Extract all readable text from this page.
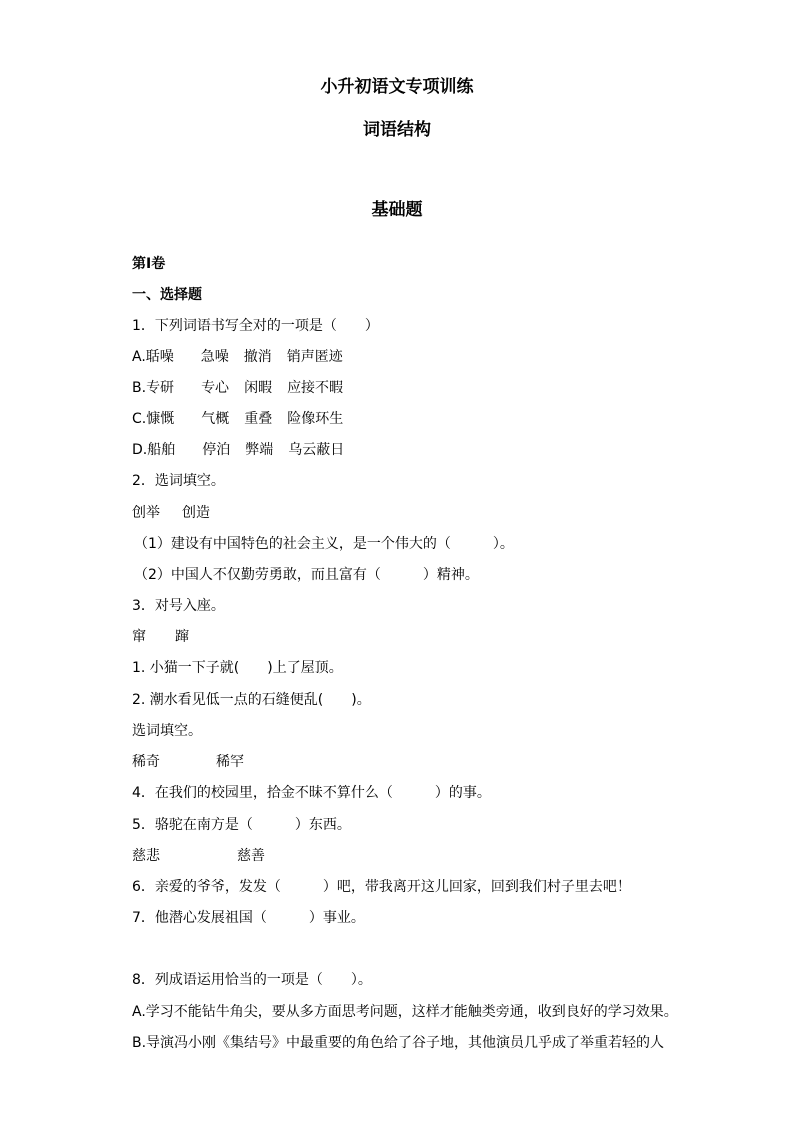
小升初语文专项训练
词语结构
基础题
第I卷
一、选择题
1．下列词语书写全对的一项是（　　）
A.聒噪 急噪 撤消 销声匿迹
B.专研 专心 闲暇 应接不暇
C.慷慨 气概 重叠 险像环生
D.船舶 停泊 弊端 乌云蔽日
2．选词填空。
创举 创造
（1）建设有中国特色的社会主义，是一个伟大的（　　　）。
（2）中国人不仅勤劳勇敢，而且富有（　　　）精神。
3．对号入座。
窜 蹿
1. 小猫一下子就(　　)上了屋顶。
2. 潮水看见低一点的石缝便乱(　　)。
选词填空。
稀奇	稀罕
4．在我们的校园里，拾金不昧不算什么（　　　）的事。
5．骆驼在南方是（　　　）东西。
慈悲	慈善
6．亲爱的爷爷，发发（　　　）吧，带我离开这儿回家，回到我们村子里去吧！
7．他潜心发展祖国（　　　）事业。
8．列成语运用恰当的一项是（　　）。
A.学习不能钻牛角尖，要从多方面思考问题，这样才能触类旁通，收到良好的学习效果。
B.导演冯小刚《集结号》中最重要的角色给了谷子地，其他演员几乎成了举重若轻的人
